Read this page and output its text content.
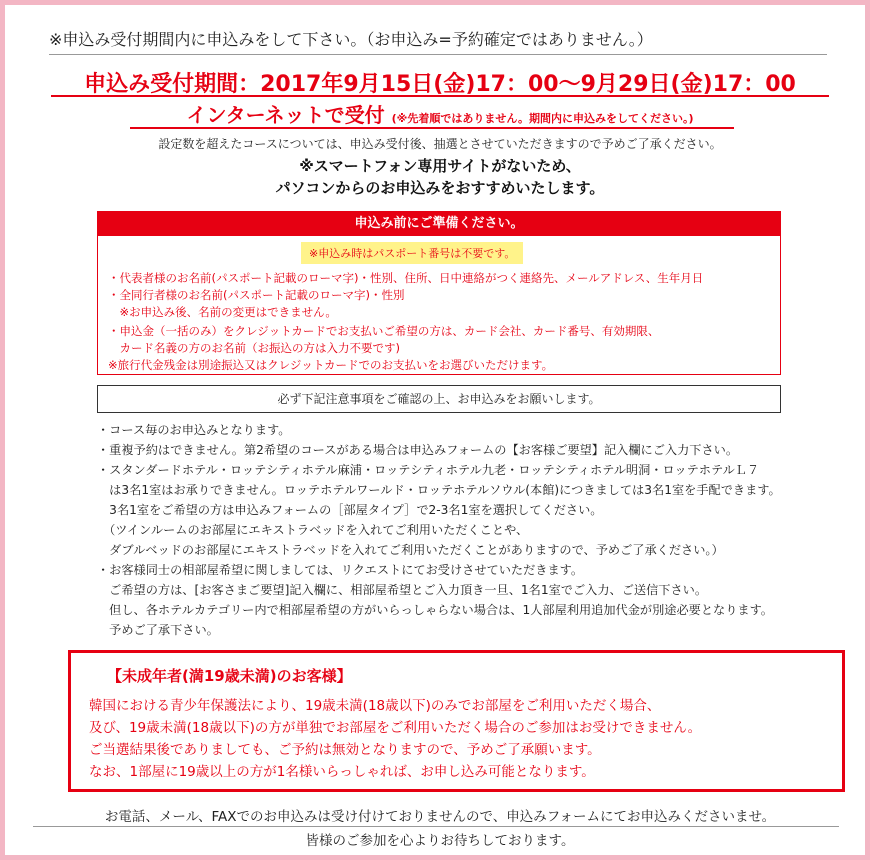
※申込み受付期間内に申込みをして下さい。（お申込み=予約確定ではありません。）
申込み受付期間：2017年9月15日(金)17：00～9月29日(金)17：00
インターネットで受付 (※先着順ではありません。期間内に申込みをしてください。)
設定数を超えたコースについては、申込み受付後、抽選とさせていただきますので予めご了承ください。
※スマートフォン専用サイトがないため、
パソコンからのお申込みをおすすめいたします。
申込み前にご準備ください。
※申込み時はパスポート番号は不要です。
・代表者様のお名前(パスポート記載のローマ字)・性別、住所、日中連絡がつく連絡先、メールアドレス、生年月日
・全同行者様のお名前(パスポート記載のローマ字)・性別
　※お申込み後、名前の変更はできません。
・申込金（一括のみ）をクレジットカードでお支払いご希望の方は、カード会社、カード番号、有効期限、
　カード名義の方のお名前（お振込の方は入力不要です)
※旅行代金残金は別途振込又はクレジットカードでのお支払いをお選びいただけます。
必ず下記注意事項をご確認の上、お申込みをお願いします。
・コース毎のお申込みとなります。
・重複予約はできません。第2希望のコースがある場合は申込みフォームの【お客様ご要望】記入欄にご入力下さい。
・スタンダードホテル・ロッテシティホテル麻浦・ロッテシティホテル九老・ロッテシティホテル明洞・ロッテホテルＬ７
　は3名1室はお承りできません。ロッテホテルワールド・ロッテホテルソウル(本館)につきましては3名1室を手配できます。
　3名1室をご希望の方は申込みフォームの［部屋タイプ］で2-3名1室を選択してください。
　（ツインルームのお部屋にエキストラベッドを入れてご利用いただくことや、
　ダブルベッドのお部屋にエキストラベッドを入れてご利用いただくことがありますので、予めご了承ください。）
・お客様同士の相部屋希望に関しましては、リクエストにてお受けさせていただきます。
　ご希望の方は、[お客さまご要望]記入欄に、相部屋希望とご入力頂き一旦、1名1室でご入力、ご送信下さい。
　但し、各ホテルカテゴリー内で相部屋希望の方がいらっしゃらない場合は、1人部屋利用追加代金が別途必要となります。
　予めご了承下さい。
【未成年者(満19歳未満)のお客様】
韓国における青少年保護法により、19歳未満(18歳以下)のみでお部屋をご利用いただく場合、
及び、19歳未満(18歳以下)の方が単独でお部屋をご利用いただく場合のご参加はお受けできません。
ご当選結果後でありましても、ご予約は無効となりますので、予めご了承願います。
なお、1部屋に19歳以上の方が1名様いらっしゃれば、お申し込み可能となります。
お電話、メール、FAXでのお申込みは受け付けておりませんので、申込みフォームにてお申込みくださいませ。
皆様のご参加を心よりお待ちしております。
